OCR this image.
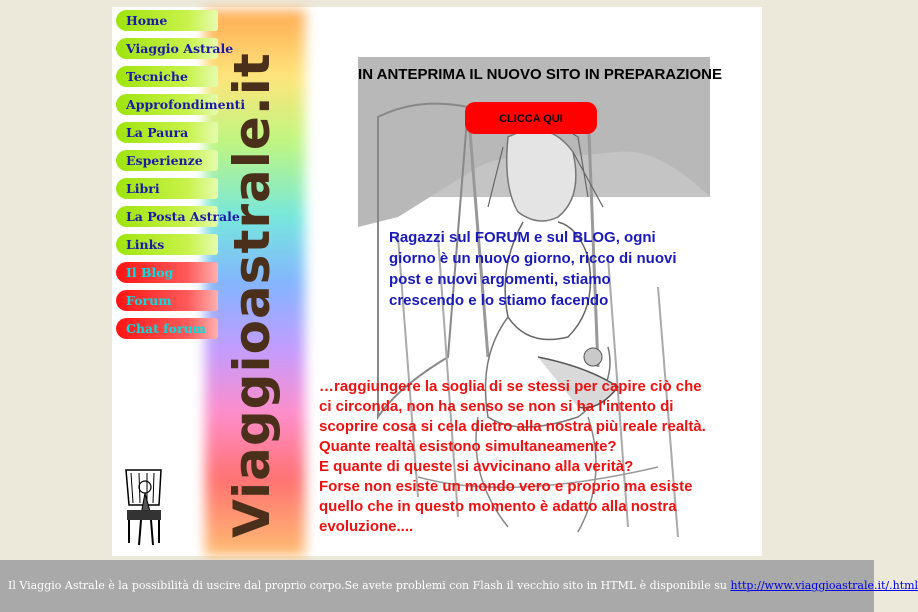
Viaggioastrale.it
Home
Viaggio Astrale
Tecniche
Approfondimenti
La Paura
Esperienze
Libri
La Posta Astrale
Links
Il Blog
Forum
Chat forum
IN ANTEPRIMA IL NUOVO SITO IN PREPARAZIONE
CLICCA QUI
Ragazzi sul FORUM e sul BLOG, ogni giorno è un nuovo giorno, ricco di nuovi post e nuovi argomenti, stiamo crescendo e lo stiamo facendo
…raggiungere la soglia di se stessi per capire ciò che
ci circonda, non ha senso se non si ha l'intento di
scoprire cosa si cela dietro alla nostra più reale realtà.
Quante realtà esistono simultaneamente?
E quante di queste si avvicinano alla verità?
Forse non esiste un mondo vero e proprio ma esiste
quello che in questo momento è adatto alla nostra
evoluzione....
Il Viaggio Astrale è la possibilità di uscire dal proprio corpo.Se avete problemi con Flash il vecchio sito in HTML è disponibile su http://www.viaggioastrale.it/.html
